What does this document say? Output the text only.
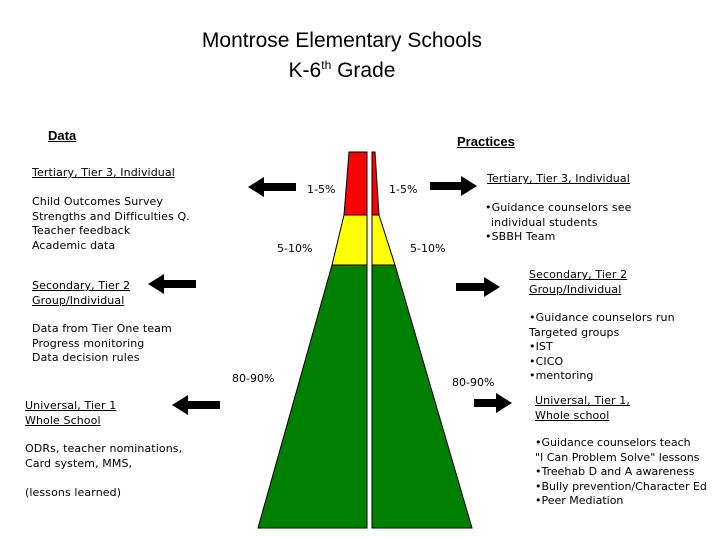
Montrose Elementary Schools
K-6th Grade
Data	Practices
1-5%	1-5%
5-10%	5-10%
80-90%	80-90%
Tertiary, Tier 3, Individual
Child Outcomes Survey
Strengths and Difficulties Q.
Teacher feedback
Academic data
Secondary, Tier 2
Group/Individual
Data from Tier One team
Progress monitoring
Data decision rules
Universal, Tier 1
Whole School
ODRs, teacher nominations,
Card system, MMS,
(lessons learned)
Tertiary, Tier 3, Individual
•Guidance counselors see
individual students
•SBBH Team
Secondary, Tier 2
Group/Individual
•Guidance counselors run
Targeted groups
•IST
•CICO
•mentoring
Universal, Tier 1,
Whole school
•Guidance counselors teach
"I Can Problem Solve" lessons
•Treehab D and A awareness
•Bully prevention/Character Ed
•Peer Mediation
